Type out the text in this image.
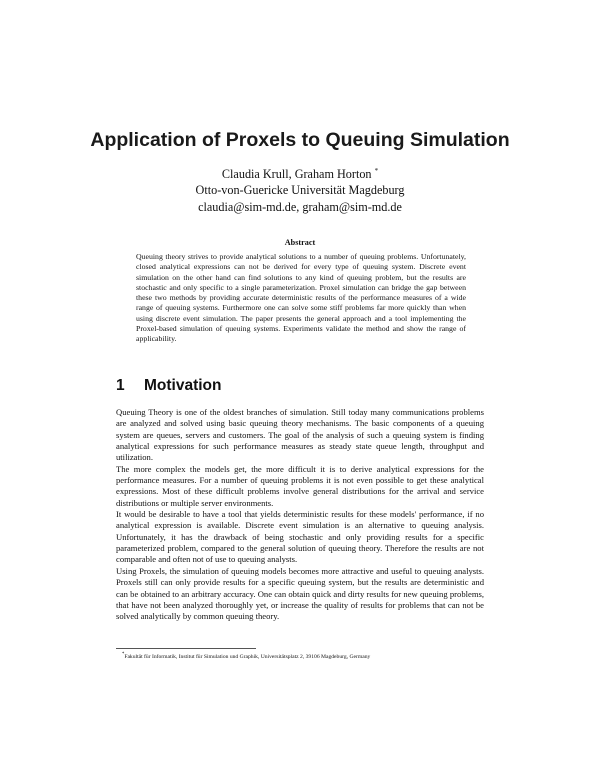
Application of Proxels to Queuing Simulation
Claudia Krull, Graham Horton *
Otto-von-Guericke Universität Magdeburg
claudia@sim-md.de, graham@sim-md.de
Abstract

Queuing theory strives to provide analytical solutions to a number of queuing problems. Unfortunately, closed analytical expressions can not be derived for every type of queuing system. Discrete event simulation on the other hand can find solutions to any kind of queuing problem, but the results are stochastic and only specific to a single parameterization. Proxel simulation can bridge the gap between these two methods by providing accurate deterministic results of the performance measures of a wide range of queuing systems. Furthermore one can solve some stiff problems far more quickly than when using discrete event simulation. The paper presents the general approach and a tool implementing the Proxel-based simulation of queuing systems. Experiments validate the method and show the range of applicability.

1 Motivation

Queuing Theory is one of the oldest branches of simulation. Still today many communications problems are analyzed and solved using basic queuing theory mechanisms. The basic components of a queuing system are queues, servers and customers. The goal of the analysis of such a queuing system is finding analytical expressions for such performance measures as steady state queue length, throughput and utilization.

The more complex the models get, the more difficult it is to derive analytical expressions for the performance measures. For a number of queuing problems it is not even possible to get these analytical expressions. Most of these difficult problems involve general distributions for the arrival and service distributions or multiple server environments.

It would be desirable to have a tool that yields deterministic results for these models' performance, if no analytical expression is available. Discrete event simulation is an alternative to queuing analysis. Unfortunately, it has the drawback of being stochastic and only providing results for a specific parameterized problem, compared to the general solution of queuing theory. Therefore the results are not comparable and often not of use to queuing analysts.

Using Proxels, the simulation of queuing models becomes more attractive and useful to queuing analysts. Proxels still can only provide results for a specific queuing system, but the results are deterministic and can be obtained to an arbitrary accuracy. One can obtain quick and dirty results for new queuing problems, that have not been analyzed thoroughly yet, or increase the quality of results for problems that can not be solved analytically by common queuing theory.

*Fakultät für Informatik, Institut für Simulation und Graphik, Universitätsplatz 2, 39106 Magdeburg, Germany
